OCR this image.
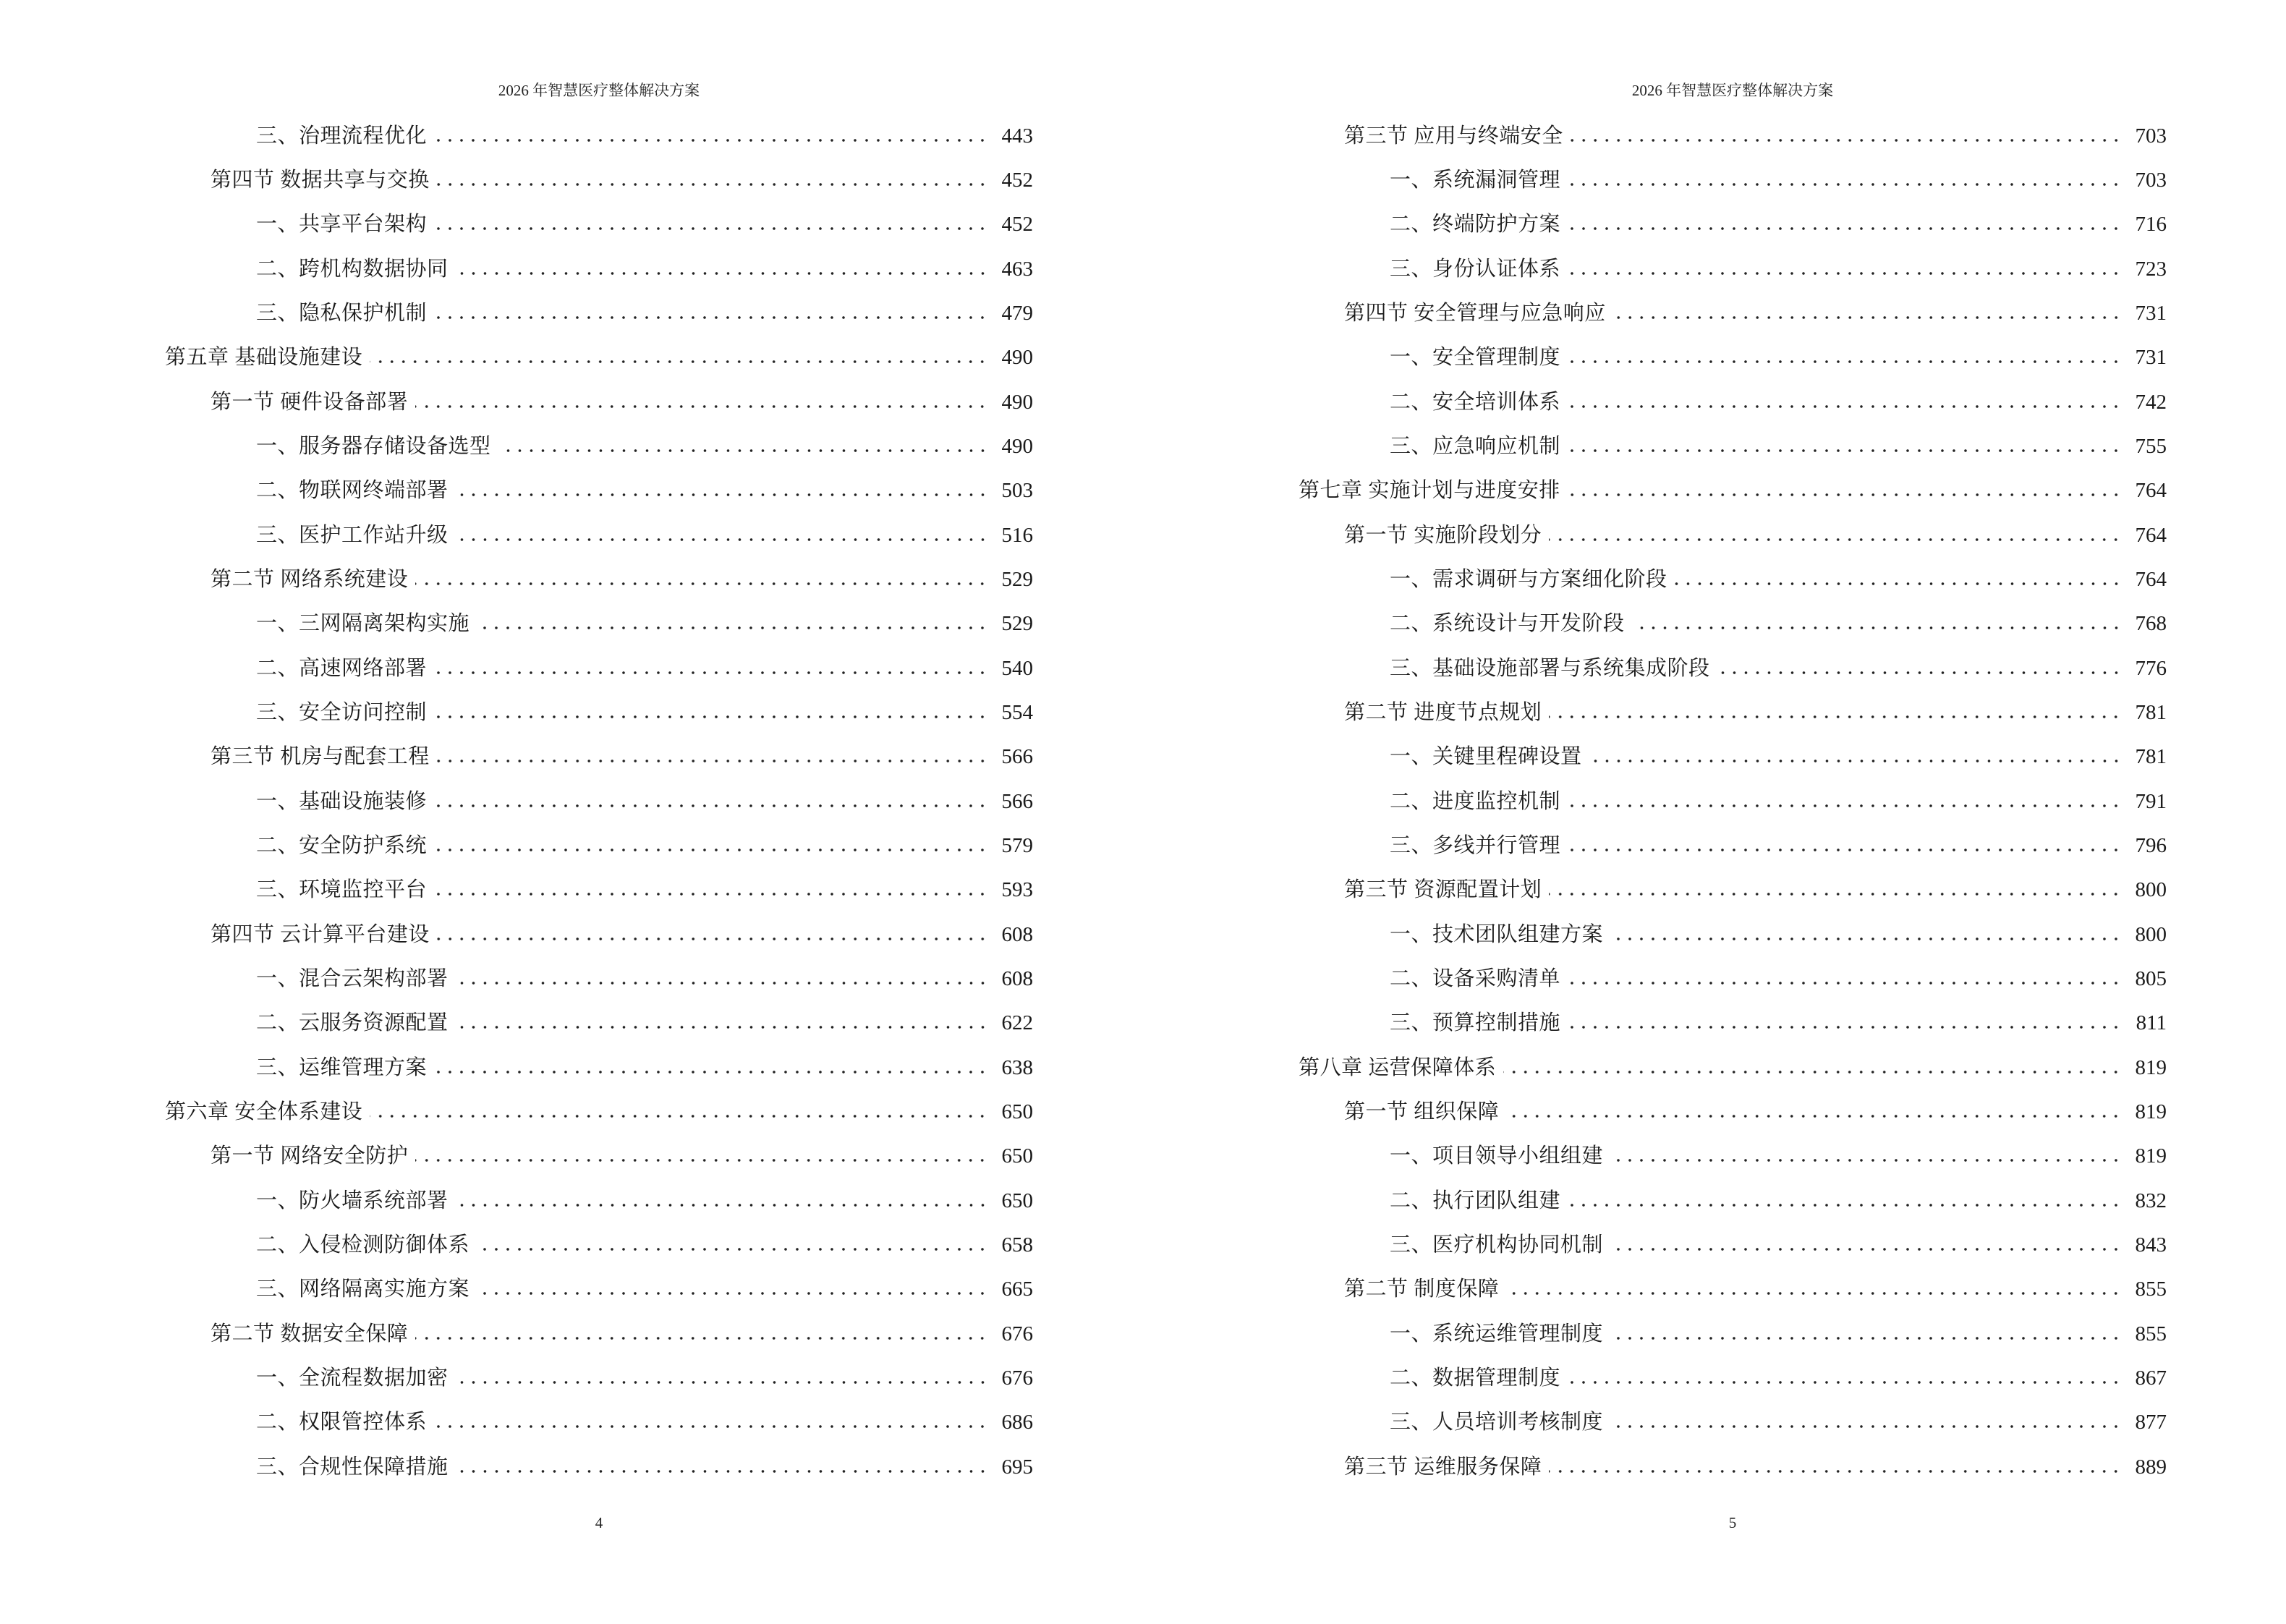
2026 年智慧医疗整体解决方案
三、治理流程优化	443
第四节 数据共享与交换	452
一、共享平台架构	452
二、跨机构数据协同	463
三、隐私保护机制	479
第五章 基础设施建设	490
第一节 硬件设备部署	490
一、服务器存储设备选型	490
二、物联网终端部署	503
三、医护工作站升级	516
第二节 网络系统建设	529
一、三网隔离架构实施	529
二、高速网络部署	540
三、安全访问控制	554
第三节 机房与配套工程	566
一、基础设施装修	566
二、安全防护系统	579
三、环境监控平台	593
第四节 云计算平台建设	608
一、混合云架构部署	608
二、云服务资源配置	622
三、运维管理方案	638
第六章 安全体系建设	650
第一节 网络安全防护	650
一、防火墙系统部署	650
二、入侵检测防御体系	658
三、网络隔离实施方案	665
第二节 数据安全保障	676
一、全流程数据加密	676
二、权限管控体系	686
三、合规性保障措施	695
4
2026 年智慧医疗整体解决方案
第三节 应用与终端安全	703
一、系统漏洞管理	703
二、终端防护方案	716
三、身份认证体系	723
第四节 安全管理与应急响应	731
一、安全管理制度	731
二、安全培训体系	742
三、应急响应机制	755
第七章 实施计划与进度安排	764
第一节 实施阶段划分	764
一、需求调研与方案细化阶段	764
二、系统设计与开发阶段	768
三、基础设施部署与系统集成阶段	776
第二节 进度节点规划	781
一、关键里程碑设置	781
二、进度监控机制	791
三、多线并行管理	796
第三节 资源配置计划	800
一、技术团队组建方案	800
二、设备采购清单	805
三、预算控制措施	811
第八章 运营保障体系	819
第一节 组织保障	819
一、项目领导小组组建	819
二、执行团队组建	832
三、医疗机构协同机制	843
第二节 制度保障	855
一、系统运维管理制度	855
二、数据管理制度	867
三、人员培训考核制度	877
第三节 运维服务保障	889
5
